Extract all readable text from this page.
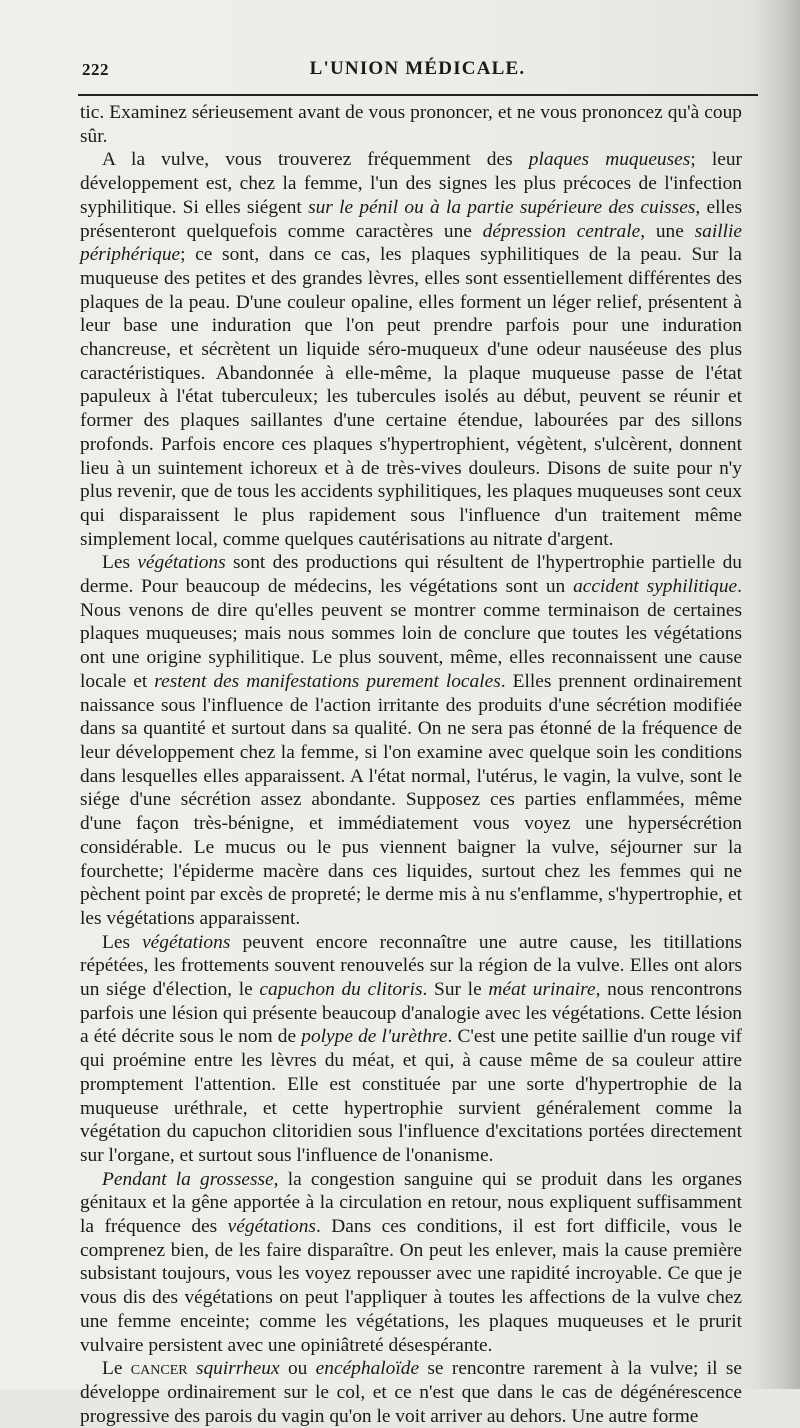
222	L'UNION MÉDICALE.

tic. Examinez sérieusement avant de vous prononcer, et ne vous prononcez qu'à coup sûr.

A la vulve, vous trouverez fréquemment des plaques muqueuses; leur développement est, chez la femme, l'un des signes les plus précoces de l'infection syphilitique. Si elles siégent sur le pénil ou à la partie supérieure des cuisses, elles présenteront quelquefois comme caractères une dépression centrale, une saillie périphérique; ce sont, dans ce cas, les plaques syphilitiques de la peau. Sur la muqueuse des petites et des grandes lèvres, elles sont essentiellement différentes des plaques de la peau. D'une couleur opaline, elles forment un léger relief, présentent à leur base une induration que l'on peut prendre parfois pour une induration chancreuse, et sécrètent un liquide séro-muqueux d'une odeur nauséeuse des plus caractéristiques. Abandonnée à elle-même, la plaque muqueuse passe de l'état papuleux à l'état tuberculeux; les tubercules isolés au début, peuvent se réunir et former des plaques saillantes d'une certaine étendue, labourées par des sillons profonds. Parfois encore ces plaques s'hypertrophient, végètent, s'ulcèrent, donnent lieu à un suintement ichoreux et à de très-vives douleurs. Disons de suite pour n'y plus revenir, que de tous les accidents syphilitiques, les plaques muqueuses sont ceux qui disparaissent le plus rapidement sous l'influence d'un traitement même simplement local, comme quelques cautérisations au nitrate d'argent.

Les végétations sont des productions qui résultent de l'hypertrophie partielle du derme. Pour beaucoup de médecins, les végétations sont un accident syphilitique. Nous venons de dire qu'elles peuvent se montrer comme terminaison de certaines plaques muqueuses; mais nous sommes loin de conclure que toutes les végétations ont une origine syphilitique. Le plus souvent, même, elles reconnaissent une cause locale et restent des manifestations purement locales. Elles prennent ordinairement naissance sous l'influence de l'action irritante des produits d'une sécrétion modifiée dans sa quantité et surtout dans sa qualité. On ne sera pas étonné de la fréquence de leur développement chez la femme, si l'on examine avec quelque soin les conditions dans lesquelles elles apparaissent. A l'état normal, l'utérus, le vagin, la vulve, sont le siége d'une sécrétion assez abondante. Supposez ces parties enflammées, même d'une façon très-bénigne, et immédiatement vous voyez une hypersécrétion considérable. Le mucus ou le pus viennent baigner la vulve, séjourner sur la fourchette; l'épiderme macère dans ces liquides, surtout chez les femmes qui ne pèchent point par excès de propreté; le derme mis à nu s'enflamme, s'hypertrophie, et les végétations apparaissent.

Les végétations peuvent encore reconnaître une autre cause, les titillations répétées, les frottements souvent renouvelés sur la région de la vulve. Elles ont alors un siége d'élection, le capuchon du clitoris. Sur le méat urinaire, nous rencontrons parfois une lésion qui présente beaucoup d'analogie avec les végétations. Cette lésion a été décrite sous le nom de polype de l'urèthre. C'est une petite saillie d'un rouge vif qui proémine entre les lèvres du méat, et qui, à cause même de sa couleur attire promptement l'attention. Elle est constituée par une sorte d'hypertrophie de la muqueuse uréthrale, et cette hypertrophie survient généralement comme la végétation du capuchon clitoridien sous l'influence d'excitations portées directement sur l'organe, et surtout sous l'influence de l'onanisme.

Pendant la grossesse, la congestion sanguine qui se produit dans les organes génitaux et la gêne apportée à la circulation en retour, nous expliquent suffisamment la fréquence des végétations. Dans ces conditions, il est fort difficile, vous le comprenez bien, de les faire disparaître. On peut les enlever, mais la cause première subsistant toujours, vous les voyez repousser avec une rapidité incroyable. Ce que je vous dis des végétations on peut l'appliquer à toutes les affections de la vulve chez une femme enceinte; comme les végétations, les plaques muqueuses et le prurit vulvaire persistent avec une opiniâtreté désespérante.

Le cancer squirrheux ou encéphaloïde se rencontre rarement à la vulve; il se développe ordinairement sur le col, et ce n'est que dans le cas de dégénérescence progressive des parois du vagin qu'on le voit arriver au dehors. Une autre forme
